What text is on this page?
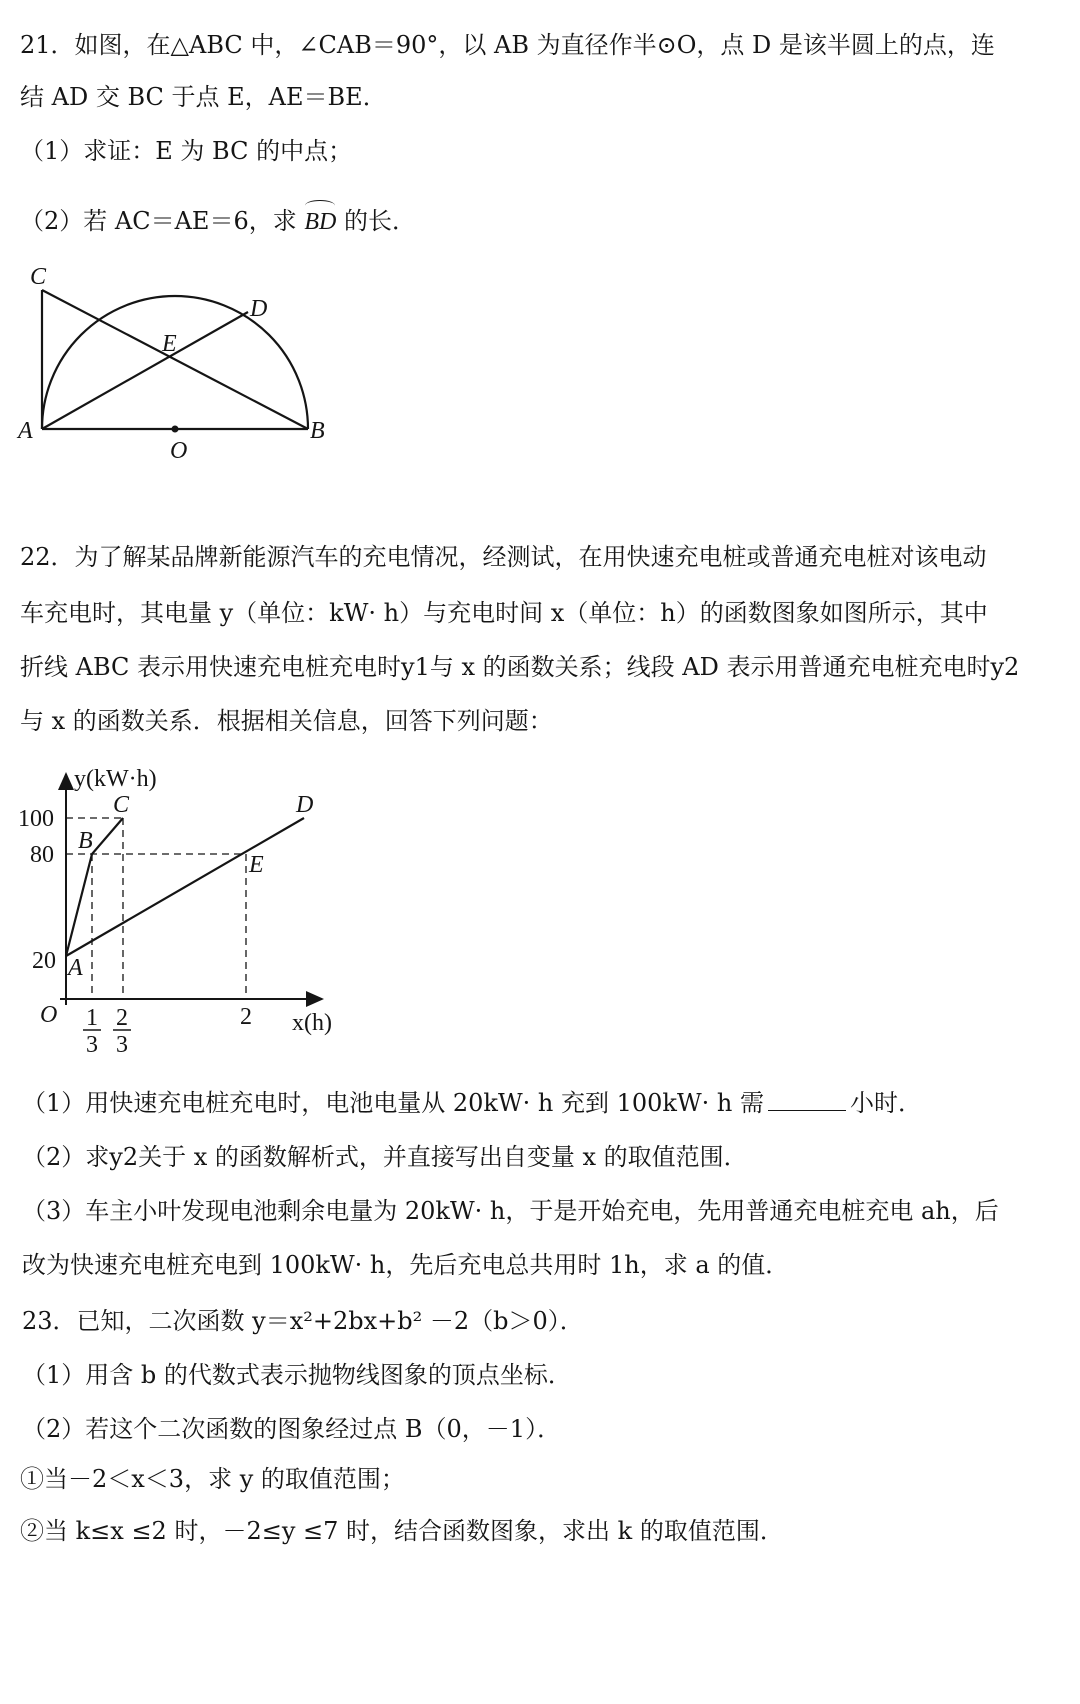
21．如图，在△ABC 中，∠CAB＝90°，以 AB 为直径作半⊙O，点 D 是该半圆上的点，连
结 AD 交 BC 于点 E，AE＝BE．
（1）求证：E 为 BC 的中点；
（2）若 AC＝AE＝6，求 BD 的长．
C
D
E
A	B
O
22．为了解某品牌新能源汽车的充电情况，经测试，在用快速充电桩或普通充电桩对该电动
车充电时，其电量 y（单位：kW· h）与充电时间 x（单位：h）的函数图象如图所示，其中
折线 ABC 表示用快速充电桩充电时y1与 x 的函数关系；线段 AD 表示用普通充电桩充电时y2
与 x 的函数关系．根据相关信息，回答下列问题：
y(kW·h)
x(h)
O
100
80
20
1
3
2
3
2
A
B
C	D
E
（1）用快速充电桩充电时，电池电量从 20kW· h 充到 100kW· h 需	小时．
（2）求y2关于 x 的函数解析式，并直接写出自变量 x 的取值范围．
（3）车主小叶发现电池剩余电量为 20kW· h，于是开始充电，先用普通充电桩充电 ah，后
改为快速充电桩充电到 100kW· h，先后充电总共用时 1h，求 a 的值．
23．已知，二次函数 y＝x²+2bx+b² －2（b＞0）．
（1）用含 b 的代数式表示抛物线图象的顶点坐标．
（2）若这个二次函数的图象经过点 B（0，－1）．
①当－2＜x＜3，求 y 的取值范围；
②当 k≤x ≤2 时，－2≤y ≤7 时，结合函数图象，求出 k 的取值范围．
